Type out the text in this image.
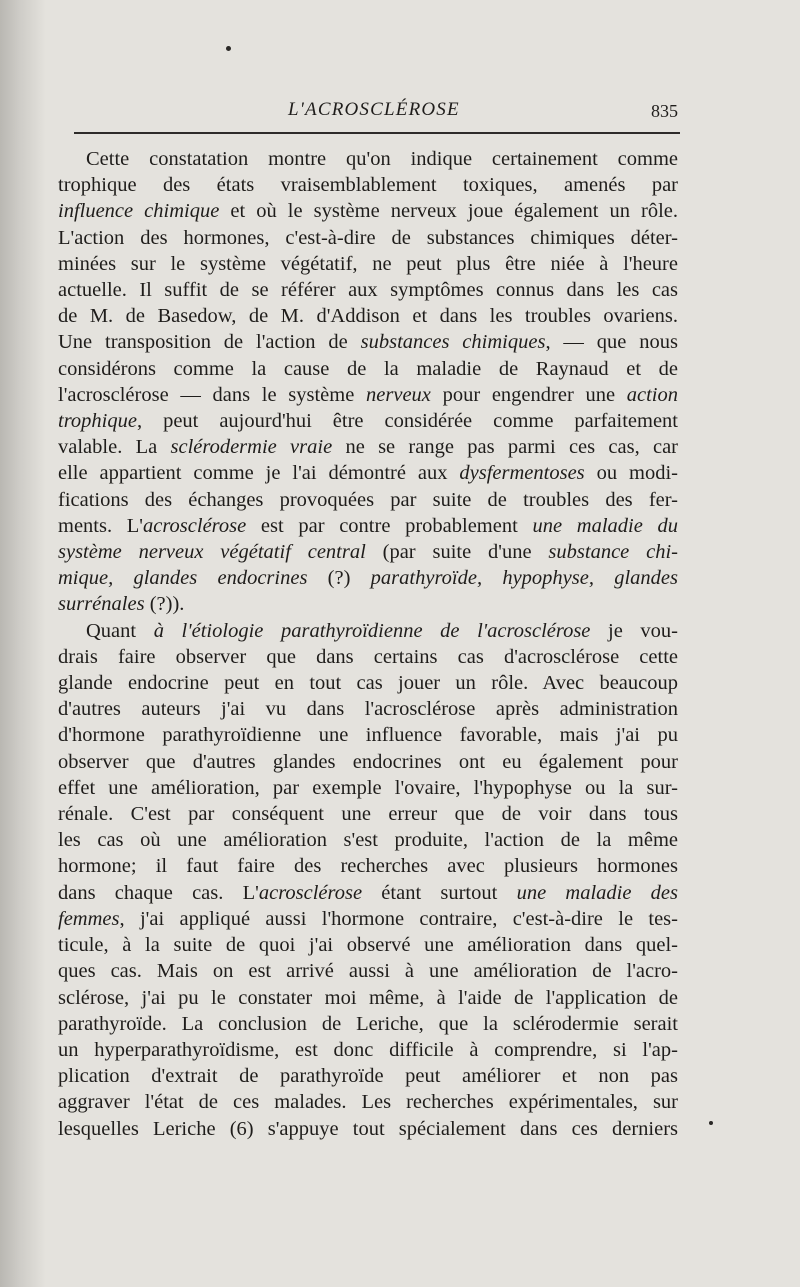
L'ACROSCLÉROSE	835
Cette constatation montre qu'on indique certainement comme
trophique des états vraisemblablement toxiques, amenés par
influence chimique et où le système nerveux joue également un rôle.
L'action des hormones, c'est-à-dire de substances chimiques déter-
minées sur le système végétatif, ne peut plus être niée à l'heure
actuelle. Il suffit de se référer aux symptômes connus dans les cas
de M. de Basedow, de M. d'Addison et dans les troubles ovariens.
Une transposition de l'action de substances chimiques, — que nous
considérons comme la cause de la maladie de Raynaud et de
l'acrosclérose — dans le système nerveux pour engendrer une action
trophique, peut aujourd'hui être considérée comme parfaitement
valable. La sclérodermie vraie ne se range pas parmi ces cas, car
elle appartient comme je l'ai démontré aux dysfermentoses ou modi-
fications des échanges provoquées par suite de troubles des fer-
ments. L'acrosclérose est par contre probablement une maladie du
système nerveux végétatif central (par suite d'une substance chi-
mique, glandes endocrines (?) parathyroïde, hypophyse, glandes
surrénales (?)).
Quant à l'étiologie parathyroïdienne de l'acrosclérose je vou-
drais faire observer que dans certains cas d'acrosclérose cette
glande endocrine peut en tout cas jouer un rôle. Avec beaucoup
d'autres auteurs j'ai vu dans l'acrosclérose après administration
d'hormone parathyroïdienne une influence favorable, mais j'ai pu
observer que d'autres glandes endocrines ont eu également pour
effet une amélioration, par exemple l'ovaire, l'hypophyse ou la sur-
rénale. C'est par conséquent une erreur que de voir dans tous
les cas où une amélioration s'est produite, l'action de la même
hormone; il faut faire des recherches avec plusieurs hormones
dans chaque cas. L'acrosclérose étant surtout une maladie des
femmes, j'ai appliqué aussi l'hormone contraire, c'est-à-dire le tes-
ticule, à la suite de quoi j'ai observé une amélioration dans quel-
ques cas. Mais on est arrivé aussi à une amélioration de l'acro-
sclérose, j'ai pu le constater moi même, à l'aide de l'application de
parathyroïde. La conclusion de Leriche, que la sclérodermie serait
un hyperparathyroïdisme, est donc difficile à comprendre, si l'ap-
plication d'extrait de parathyroïde peut améliorer et non pas
aggraver l'état de ces malades. Les recherches expérimentales, sur
lesquelles Leriche (6) s'appuye tout spécialement dans ces derniers
